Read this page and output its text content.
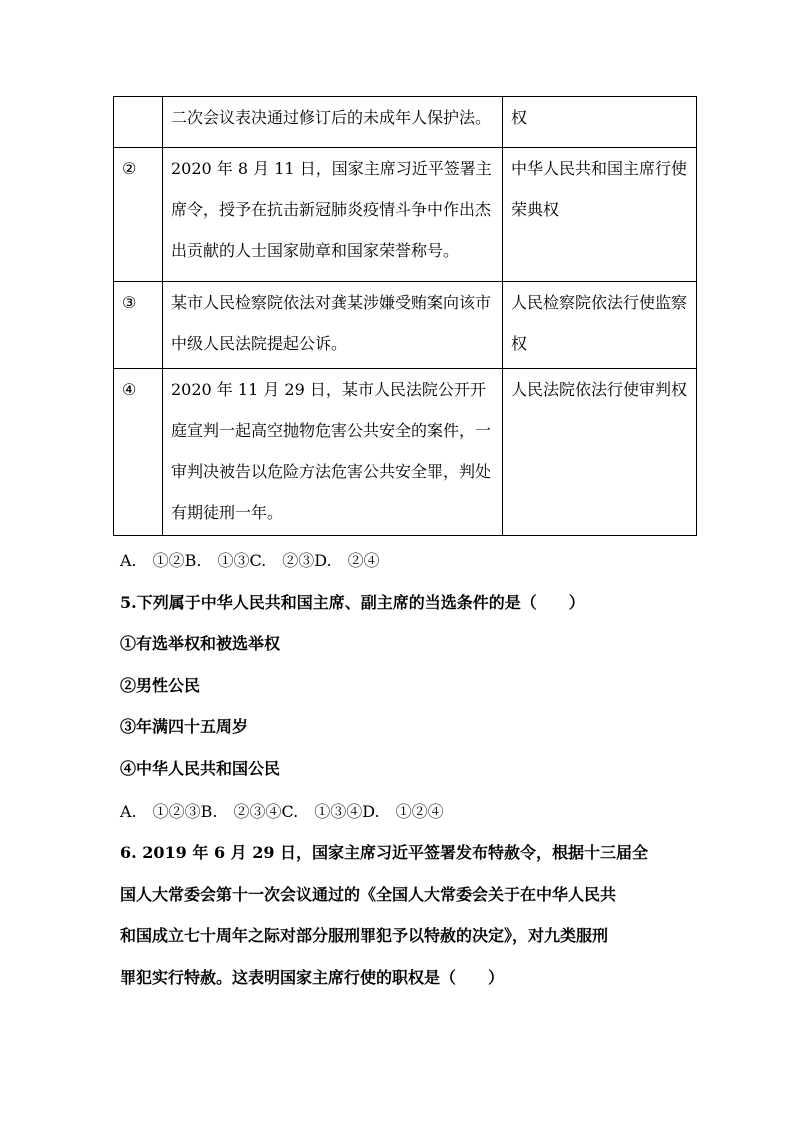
	二次会议表决通过修订后的未成年人保护法。	权
②	2020 年 8 月 11 日，国家主席习近平签署主席令，授予在抗击新冠肺炎疫情斗争中作出杰出贡献的人士国家勋章和国家荣誉称号。	中华人民共和国主席行使荣典权
③	某市人民检察院依法对龚某涉嫌受贿案向该市中级人民法院提起公诉。	人民检察院依法行使监察权
④	2020 年 11 月 29 日，某市人民法院公开开庭宣判一起高空抛物危害公共安全的案件，一审判决被告以危险方法危害公共安全罪，判处有期徒刑一年。	人民法院依法行使审判权
A.　①②B.　①③C.　②③D.　②④
5.下列属于中华人民共和国主席、副主席的当选条件的是（　　）
①有选举权和被选举权
②男性公民
③年满四十五周岁
④中华人民共和国公民
A.　①②③B.　②③④C.　①③④D.　①②④
6. 2019 年 6 月 29 日，国家主席习近平签署发布特赦令，根据十三届全
国人大常委会第十一次会议通过的《全国人大常委会关于在中华人民共
和国成立七十周年之际对部分服刑罪犯予以特赦的决定》，对九类服刑
罪犯实行特赦。这表明国家主席行使的职权是（　　）
